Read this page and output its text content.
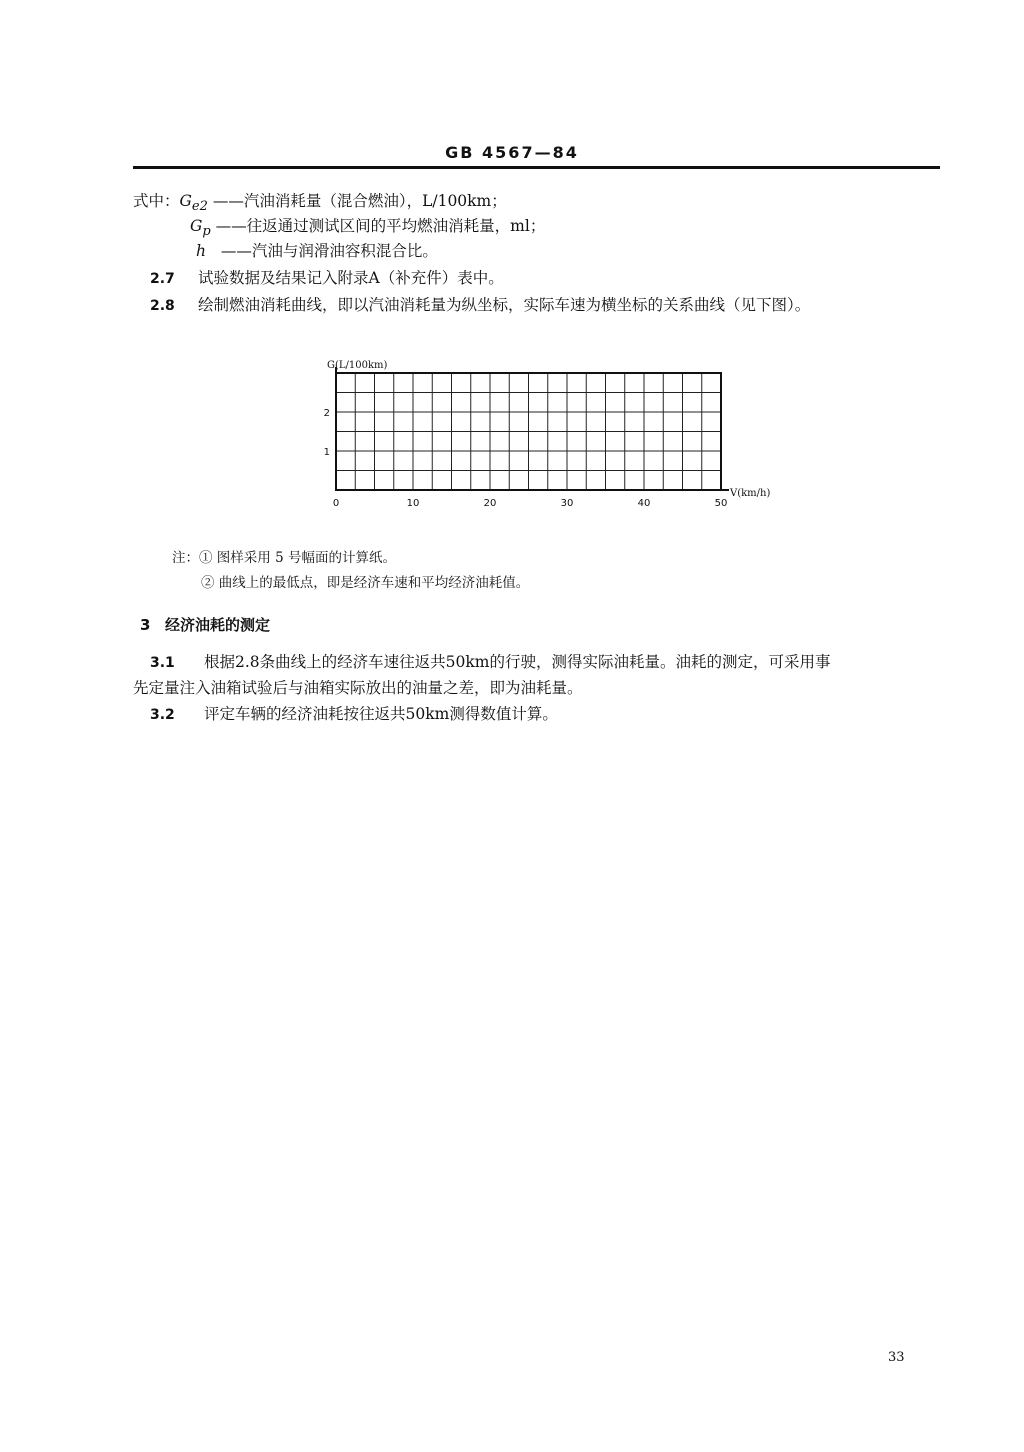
GB 4567—84
式中：$G_{e2}$ ——汽油消耗量（混合燃油），L/100km；
$G_p$ ——往返通过测试区间的平均燃油消耗量，ml；
h ——汽油与润滑油容积混合比。
2.7 试验数据及结果记入附录A（补充件）表中。
2.8 绘制燃油消耗曲线，即以汽油消耗量为纵坐标，实际车速为横坐标的关系曲线（见下图）。
0	10	20	30	40	50
1
2
G(L/100km)
V(km/h)
注：① 图样采用 5 号幅面的计算纸。
② 曲线上的最低点，即是经济车速和平均经济油耗值。
3 经济油耗的测定
3.1 根据2.8条曲线上的经济车速往返共50km的行驶，测得实际油耗量。油耗的测定，可采用事
先定量注入油箱试验后与油箱实际放出的油量之差，即为油耗量。
3.2 评定车辆的经济油耗按往返共50km测得数值计算。
33
